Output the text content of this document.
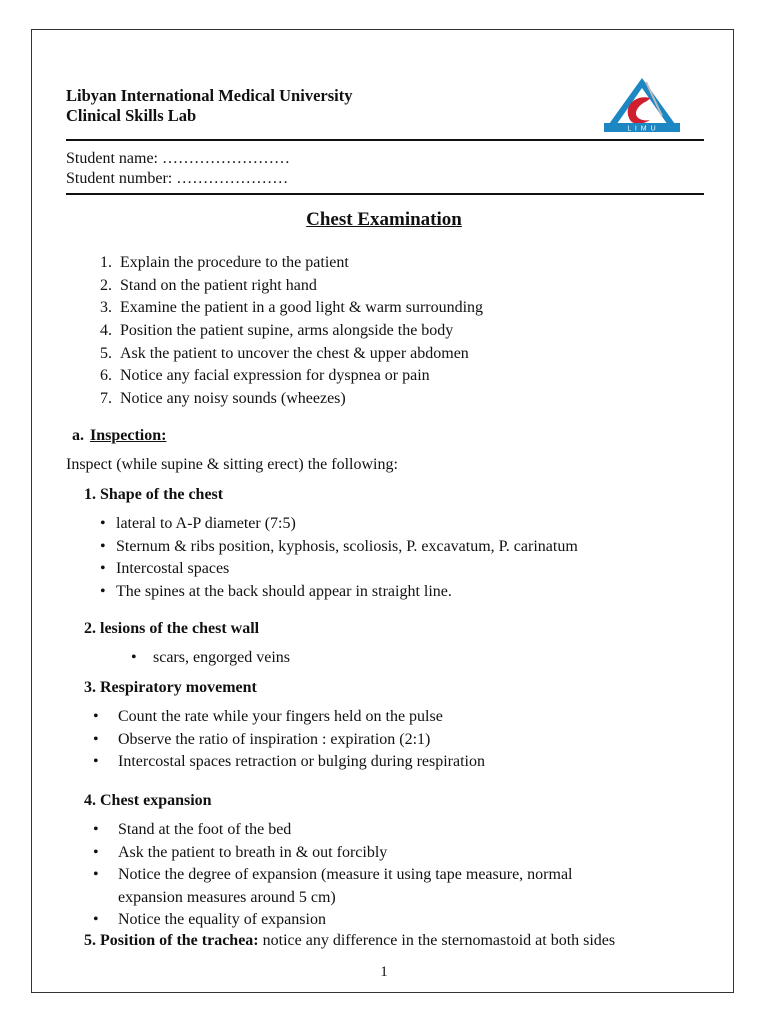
Libyan International Medical University
Clinical Skills Lab
L I M U
Student name: ……………………
Student number: …………………
Chest Examination
1. Explain the procedure to the patient
2. Stand on the patient right hand
3. Examine the patient in a good light & warm surrounding
4. Position the patient supine, arms alongside the body
5. Ask the patient to uncover the chest & upper abdomen
6. Notice any facial expression for dyspnea or pain
7. Notice any noisy sounds (wheezes)
a. Inspection:
Inspect (while supine & sitting erect) the following:
1. Shape of the chest
• lateral to A-P diameter (7:5)
• Sternum & ribs position, kyphosis, scoliosis, P. excavatum, P. carinatum
• Intercostal spaces
• The spines at the back should appear in straight line.
2. lesions of the chest wall
• scars, engorged veins
3. Respiratory movement
• Count the rate while your fingers held on the pulse
• Observe the ratio of inspiration : expiration (2:1)
• Intercostal spaces retraction or bulging during respiration
4. Chest expansion
• Stand at the foot of the bed
• Ask the patient to breath in & out forcibly
• Notice the degree of expansion (measure it using tape measure, normal
expansion measures around 5 cm)
• Notice the equality of expansion
5. Position of the trachea: notice any difference in the sternomastoid at both sides
1
